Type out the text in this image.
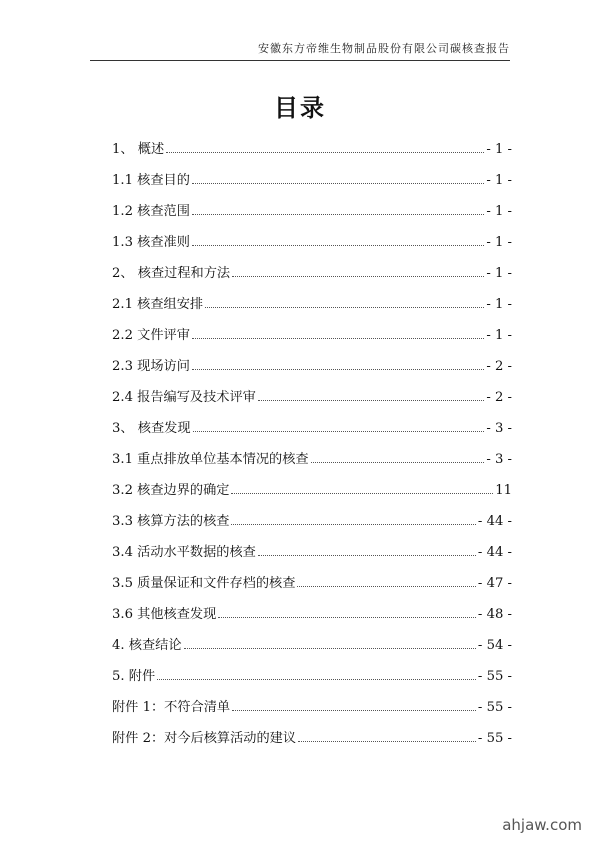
安徽东方帝维生物制品股份有限公司碳核查报告
目录
1、 概述	- 1 -
1.1 核查目的	- 1 -
1.2 核查范围	- 1 -
1.3 核查准则	- 1 -
2、 核查过程和方法	- 1 -
2.1 核查组安排	- 1 -
2.2 文件评审	- 1 -
2.3 现场访问	- 2 -
2.4 报告编写及技术评审	- 2 -
3、 核查发现	- 3 -
3.1 重点排放单位基本情况的核查	- 3 -
3.2 核查边界的确定	11
3.3 核算方法的核查	- 44 -
3.4 活动水平数据的核查	- 44 -
3.5 质量保证和文件存档的核查	- 47 -
3.6 其他核查发现	- 48 -
4. 核查结论	- 54 -
5. 附件	- 55 -
附件 1：不符合清单	- 55 -
附件 2：对今后核算活动的建议	- 55 -
ahjaw.com
